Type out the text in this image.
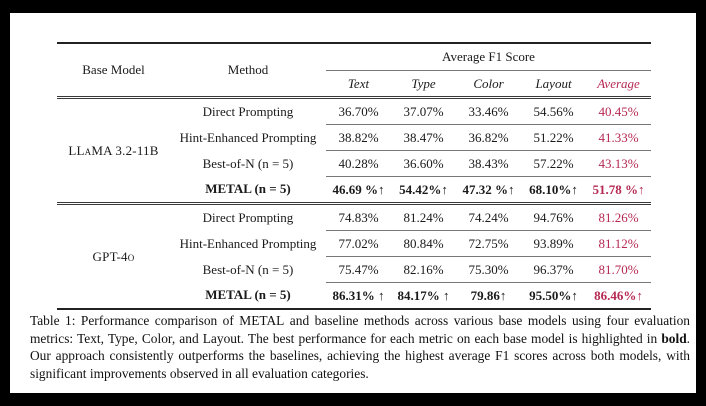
Base Model	Method	Average F1 Score				
		Text	Type	Color	Layout	Average
LLaMA 3.2-11B	Direct Prompting	36.70%	37.07%	33.46%	54.56%	40.45%
	Hint-Enhanced Prompting	38.82%	38.47%	36.82%	51.22%	41.33%
	Best-of-N (n = 5)	40.28%	36.60%	38.43%	57.22%	43.13%
	METAL (n = 5)	46.69 %↑	54.42%↑	47.32 %↑	68.10%↑	51.78 %↑
GPT-4o	Direct Prompting	74.83%	81.24%	74.24%	94.76%	81.26%
	Hint-Enhanced Prompting	77.02%	80.84%	72.75%	93.89%	81.12%
	Best-of-N (n = 5)	75.47%	82.16%	75.30%	96.37%	81.70%
	METAL (n = 5)	86.31% ↑	84.17% ↑	79.86↑	95.50%↑	86.46%↑
Table 1: Performance comparison of METAL and baseline methods across various base models using four evaluation metrics: Text, Type, Color, and Layout. The best performance for each metric on each base model is highlighted in bold. Our approach consistently outperforms the baselines, achieving the highest average F1 scores across both models, with significant improvements observed in all evaluation categories.
